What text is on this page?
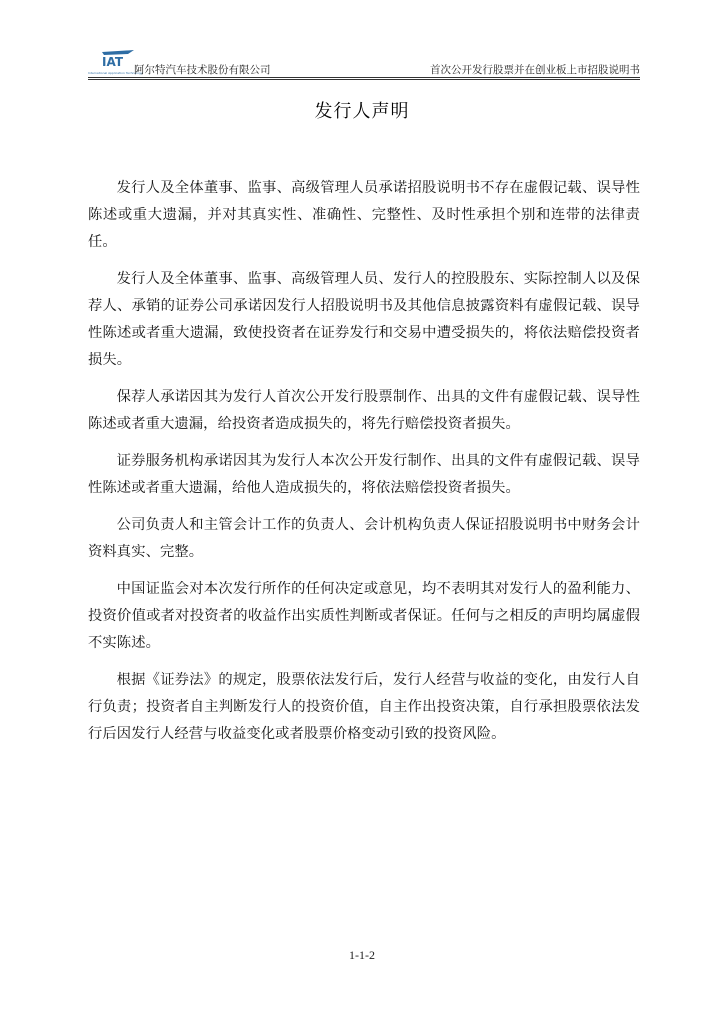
IAT
International Application Technology
阿尔特汽车技术股份有限公司	首次公开发行股票并在创业板上市招股说明书
发行人声明

发行人及全体董事、监事、高级管理人员承诺招股说明书不存在虚假记载、误导性陈述或重大遗漏，并对其真实性、准确性、完整性、及时性承担个别和连带的法律责任。

发行人及全体董事、监事、高级管理人员、发行人的控股股东、实际控制人以及保荐人、承销的证券公司承诺因发行人招股说明书及其他信息披露资料有虚假记载、误导性陈述或者重大遗漏，致使投资者在证券发行和交易中遭受损失的，将依法赔偿投资者损失。

保荐人承诺因其为发行人首次公开发行股票制作、出具的文件有虚假记载、误导性陈述或者重大遗漏，给投资者造成损失的，将先行赔偿投资者损失。

证券服务机构承诺因其为发行人本次公开发行制作、出具的文件有虚假记载、误导性陈述或者重大遗漏，给他人造成损失的，将依法赔偿投资者损失。

公司负责人和主管会计工作的负责人、会计机构负责人保证招股说明书中财务会计资料真实、完整。

中国证监会对本次发行所作的任何决定或意见，均不表明其对发行人的盈利能力、投资价值或者对投资者的收益作出实质性判断或者保证。任何与之相反的声明均属虚假不实陈述。

根据《证券法》的规定，股票依法发行后，发行人经营与收益的变化，由发行人自行负责；投资者自主判断发行人的投资价值，自主作出投资决策，自行承担股票依法发行后因发行人经营与收益变化或者股票价格变动引致的投资风险。

1-1-2
